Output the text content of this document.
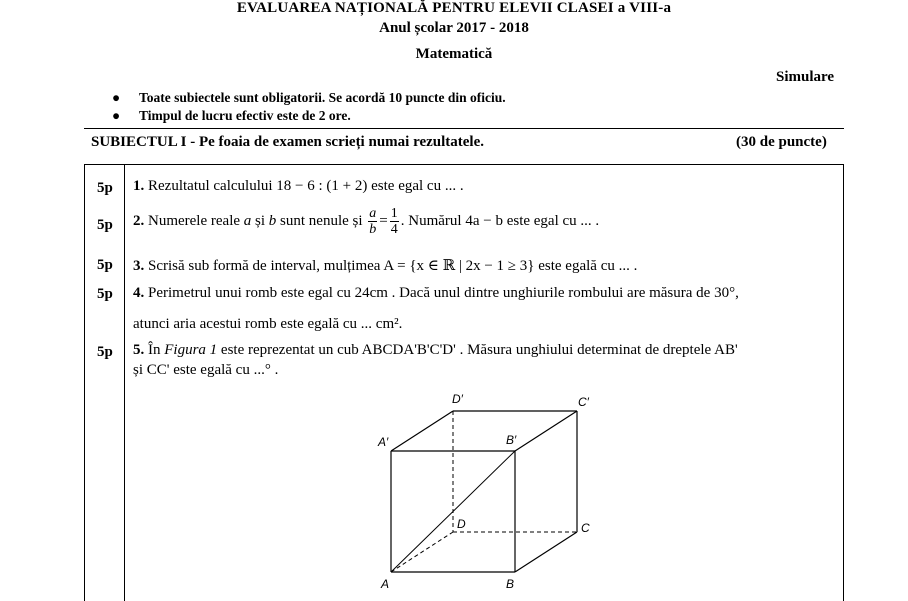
EVALUAREA NAȚIONALĂ PENTRU ELEVII CLASEI a VIII-a
Anul școlar 2017 - 2018
Matematică
Simulare
● Toate subiectele sunt obligatorii. Se acordă 10 puncte din oficiu.
● Timpul de lucru efectiv este de 2 ore.
SUBIECTUL I - Pe foaia de examen scrieți numai rezultatele.	(30 de puncte)
5p 1. Rezultatul calculului 18 − 6 : (1 + 2) este egal cu ... .
5p 2. Numerele reale a și b sunt nenule și $\frac{a}{b} = \frac{1}{4}$ . Numărul 4a − b este egal cu ... .
5p 3. Scrisă sub formă de interval, mulțimea A = {x ∈ ℝ | 2x − 1 ≥ 3} este egală cu ... .
5p 4. Perimetrul unui romb este egal cu 24cm . Dacă unul dintre unghiurile rombului are măsura de 30°,
atunci aria acestui romb este egală cu ... cm².
5p 5. În Figura 1 este reprezentat un cub ABCDA'B'C'D' . Măsura unghiului determinat de dreptele AB'
și CC' este egală cu ...° .
A	B
C
D
A′	B′
C′
D′
